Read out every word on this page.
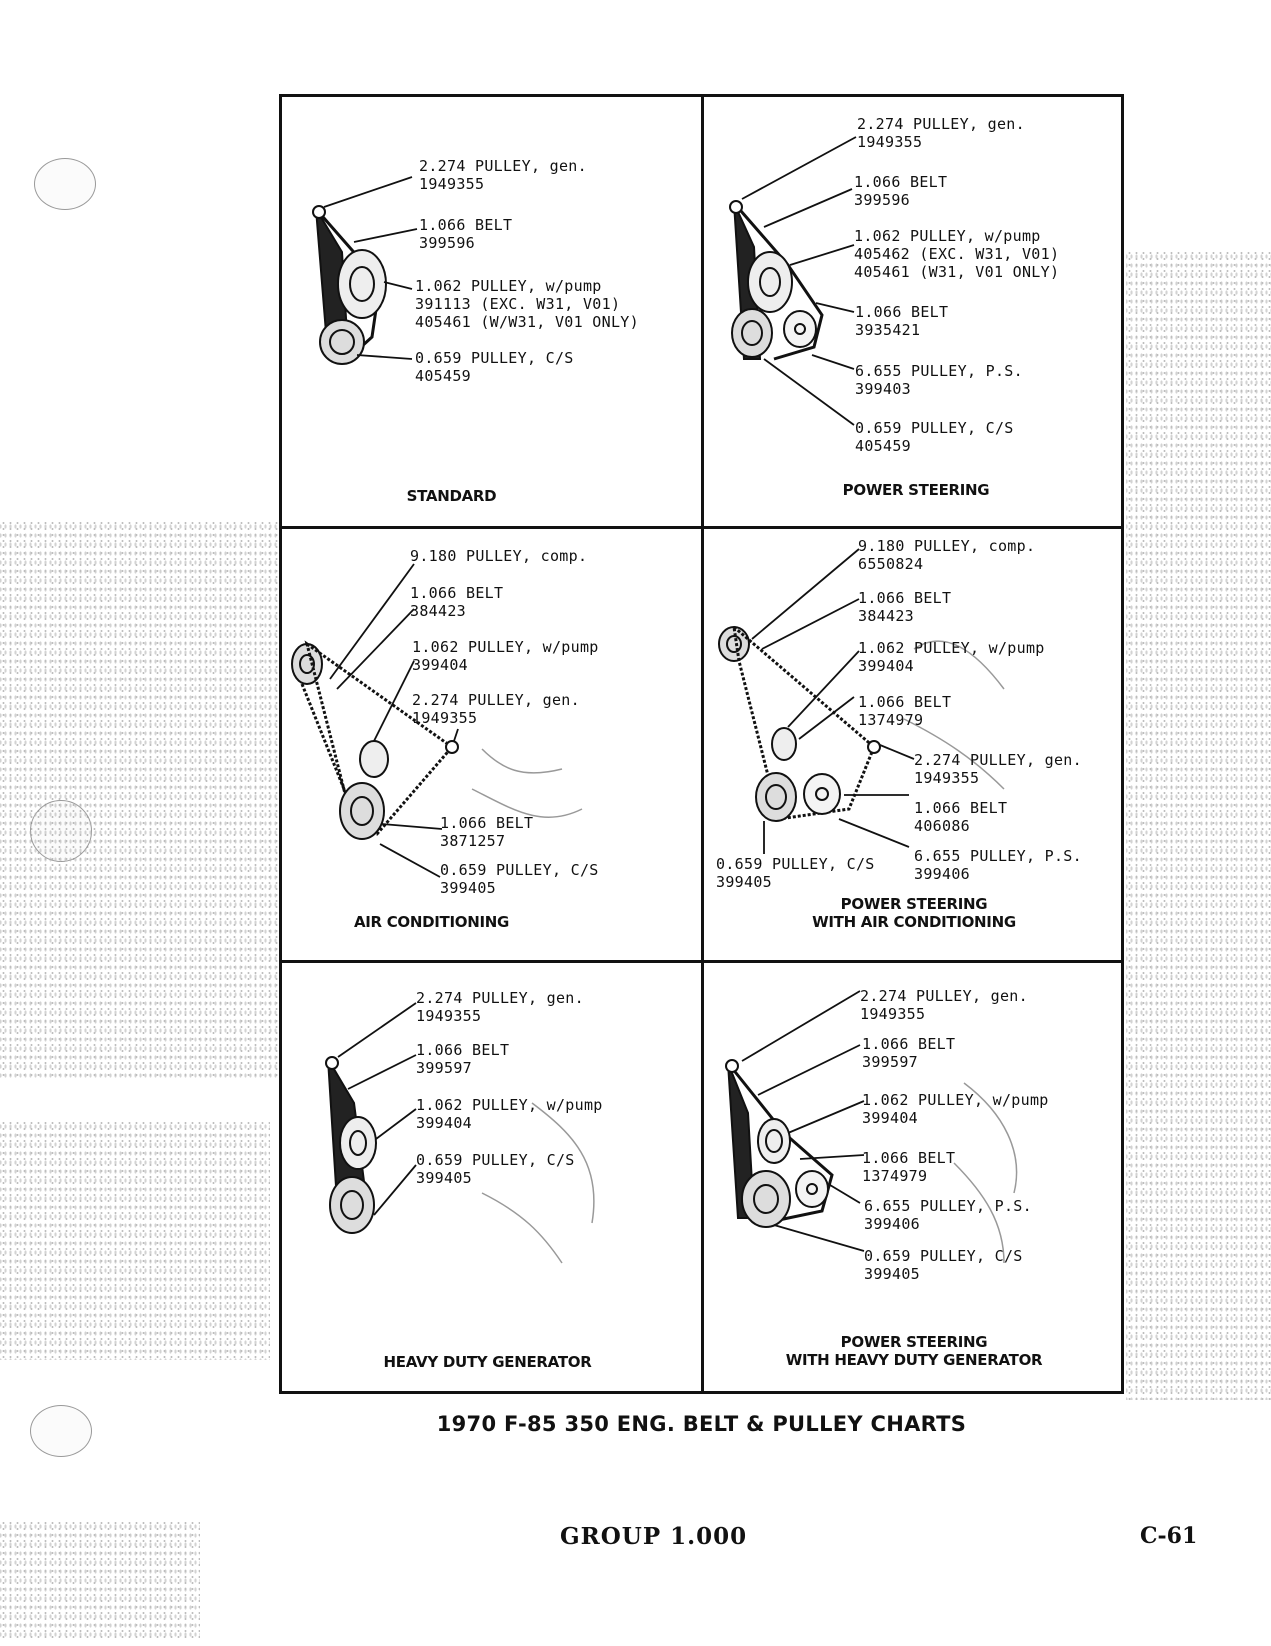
2.274 PULLEY, gen.
1949355
1.066 BELT
399596
1.062 PULLEY, w/pump
391113 (EXC. W31, V01)
405461 (W/W31, V01 ONLY)
0.659 PULLEY, C/S
405459
STANDARD
2.274 PULLEY, gen.
1949355
1.066 BELT
399596
1.062 PULLEY, w/pump
405462 (EXC. W31, V01)
405461 (W31, V01 ONLY)
1.066 BELT
3935421
6.655 PULLEY, P.S.
399403
0.659 PULLEY, C/S
405459
POWER STEERING
9.180 PULLEY, comp.
1.066 BELT
384423
1.062 PULLEY, w/pump
399404
2.274 PULLEY, gen.
1949355
1.066 BELT
3871257
0.659 PULLEY, C/S
399405
AIR CONDITIONING
9.180 PULLEY, comp.
6550824
1.066 BELT
384423
1.062 PULLEY, w/pump
399404
1.066 BELT
1374979
2.274 PULLEY, gen.
1949355
1.066 BELT
406086
6.655 PULLEY, P.S.
399406
0.659 PULLEY, C/S
399405
POWER STEERING
WITH AIR CONDITIONING
2.274 PULLEY, gen.
1949355
1.066 BELT
399597
1.062 PULLEY, w/pump
399404
0.659 PULLEY, C/S
399405
HEAVY DUTY GENERATOR
2.274 PULLEY, gen.
1949355
1.066 BELT
399597
1.062 PULLEY, w/pump
399404
1.066 BELT
1374979
6.655 PULLEY, P.S.
399406
0.659 PULLEY, C/S
399405
POWER STEERING
WITH HEAVY DUTY GENERATOR
1970 F-85 350 ENG. BELT & PULLEY CHARTS
GROUP 1.000	C-61
